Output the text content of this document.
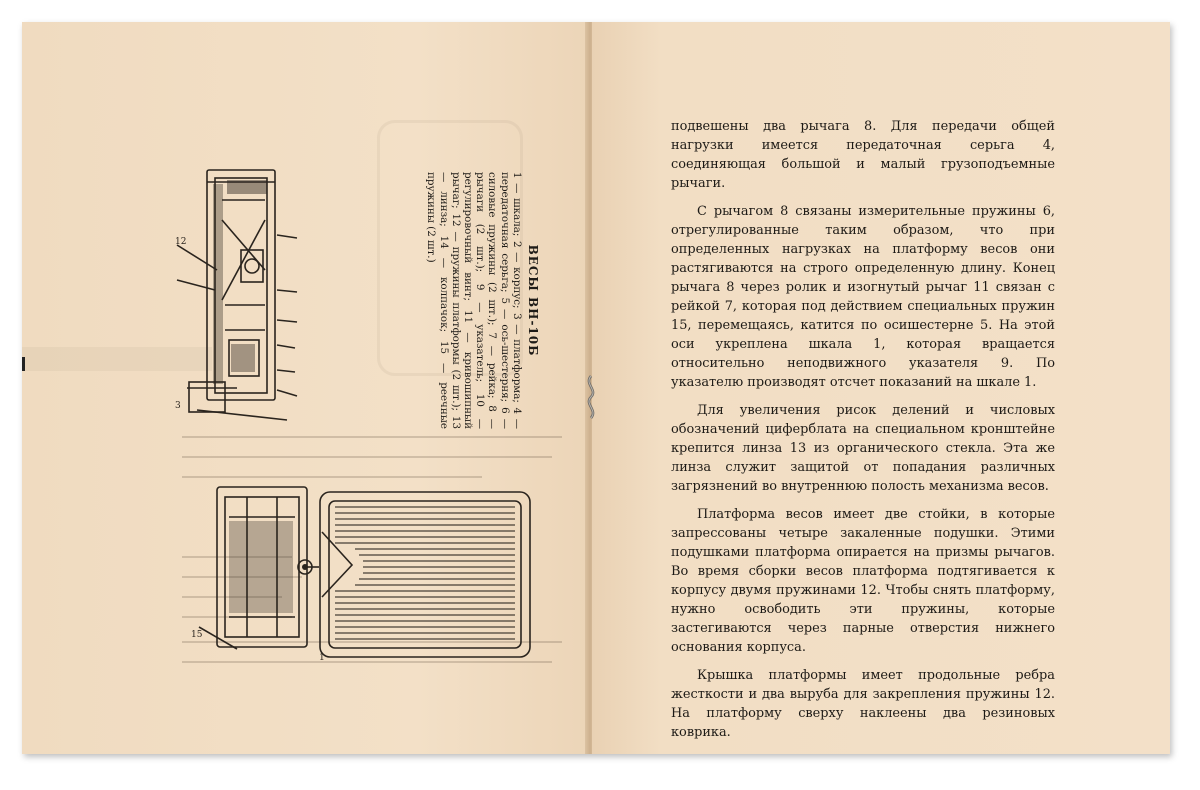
12
3
15
1
ВЕСЫ ВН-10Б
1 — шкала; 2 — корпус; 3 — платформа; 4 — передаточная серьга; 5 — ось-шестерня; 6 — силовые пружины (2 шт.); 7 — рейка; 8 — рычаги (2 шт.); 9 — указатель; 10 — регулировочный винт; 11 — кривошипный рычаг; 12 — пружины платформы (2 шт.); 13 — линза; 14 — колпачок; 15 — реечные пружины (2 шт.)

подвешены два рычага 8. Для передачи общей нагрузки имеется передаточная серьга 4, соединяющая большой и малый грузоподъемные рычаги.

С рычагом 8 связаны измерительные пружины 6, отрегулированные таким образом, что при определенных нагрузках на платформу весов они растягиваются на строго определенную длину. Конец рычага 8 через ролик и изогнутый рычаг 11 связан с рейкой 7, которая под действием специальных пружин 15, перемещаясь, катится по осишестерне 5. На этой оси укреплена шкала 1, которая вращается относительно неподвижного указателя 9. По указателю производят отсчет показаний на шкале 1.

Для увеличения рисок делений и числовых обозначений циферблата на специальном кронштейне крепится линза 13 из органического стекла. Эта же линза служит защитой от попадания различных загрязнений во внутреннюю полость механизма весов.

Платформа весов имеет две стойки, в которые запрессованы четыре закаленные подушки. Этими подушками платформа опирается на призмы рычагов. Во время сборки весов платформа подтягивается к корпусу двумя пружинами 12. Чтобы снять платформу, нужно освободить эти пружины, которые застегиваются через парные отверстия нижнего основания корпуса.

Крышка платформы имеет продольные ребра жесткости и два выруба для закрепления пружины 12. На платформу сверху наклеены два резиновых коврика.
